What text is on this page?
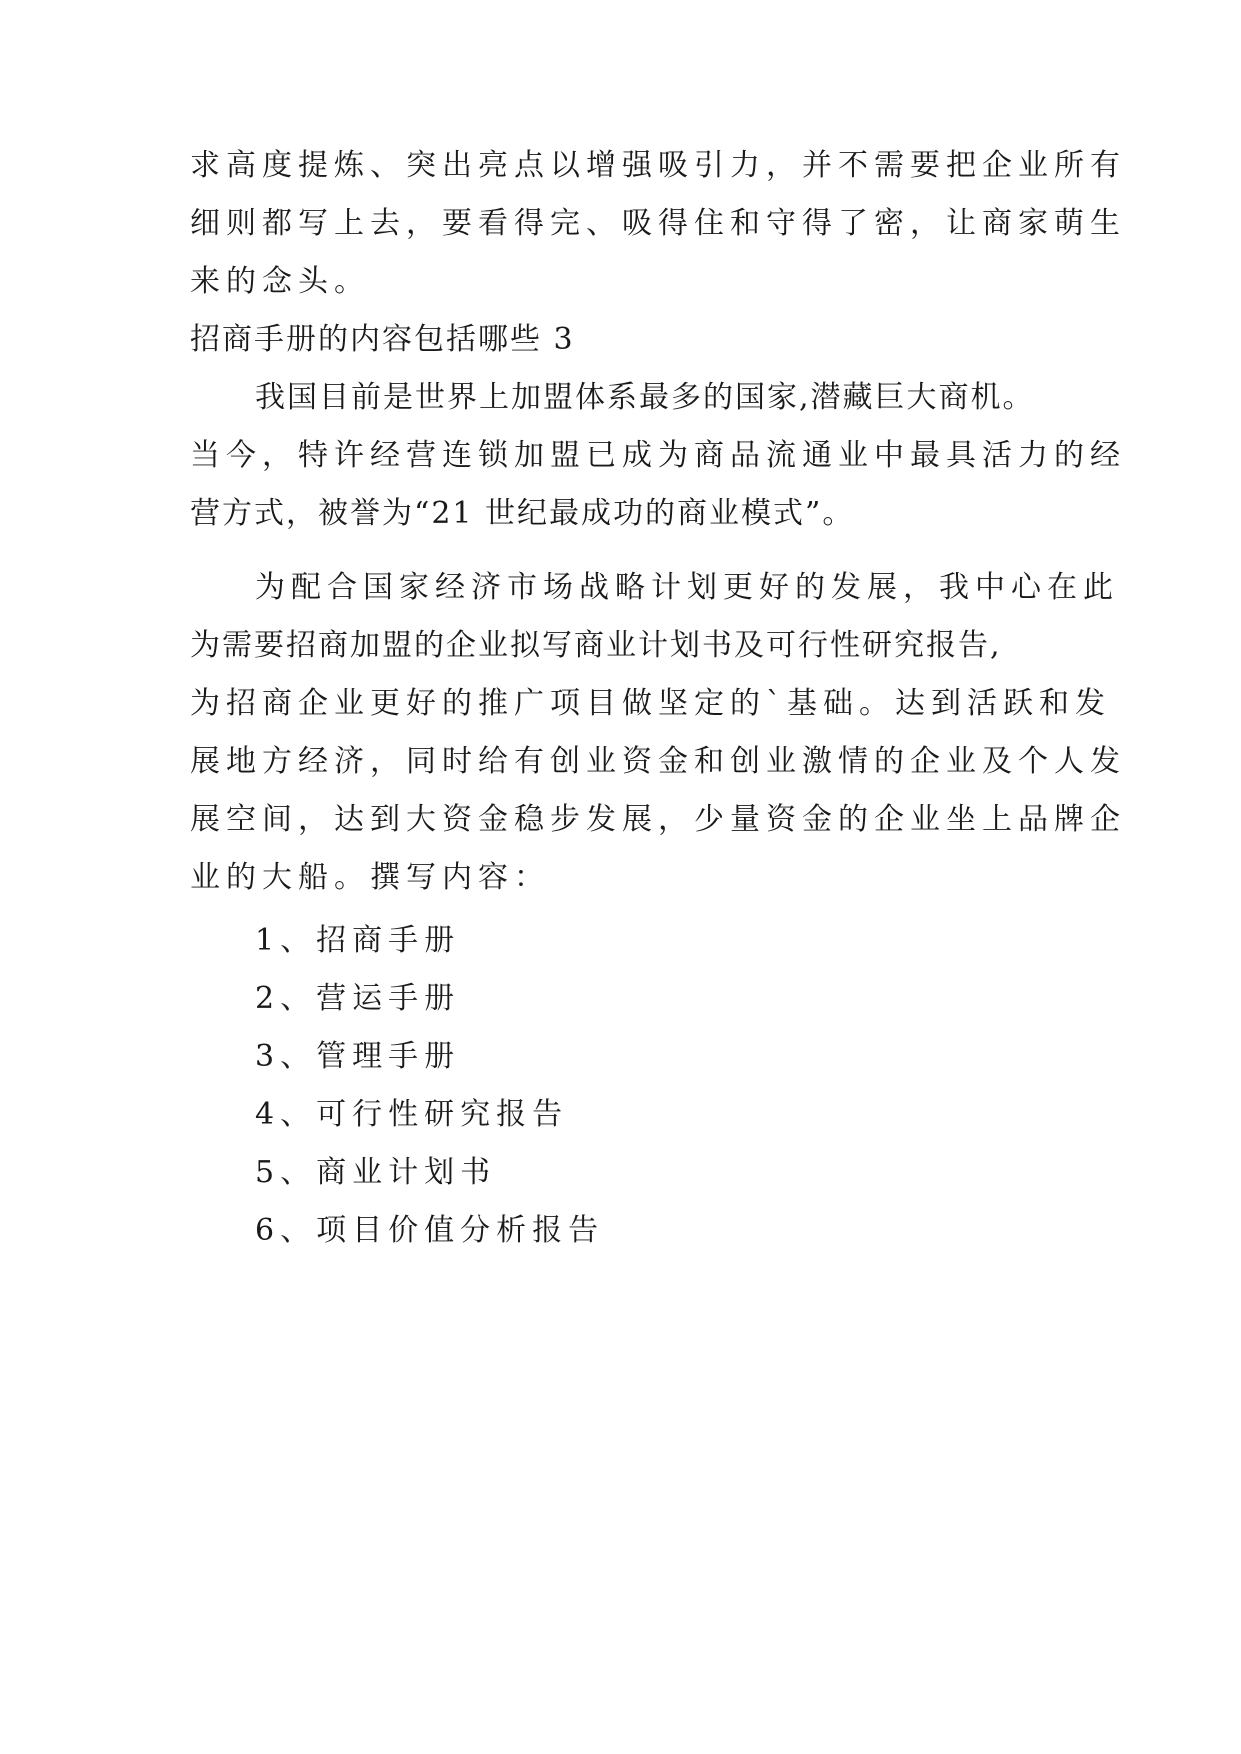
求高度提炼、突出亮点以增强吸引力，并不需要把企业所有
细则都写上去，要看得完、吸得住和守得了密，让商家萌生
来的念头。
招商手册的内容包括哪些 3
我国目前是世界上加盟体系最多的国家,潜藏巨大商机。
当今，特许经营连锁加盟已成为商品流通业中最具活力的经
营方式，被誉为“21 世纪最成功的商业模式”。
为配合国家经济市场战略计划更好的发展，我中心在此
为需要招商加盟的企业拟写商业计划书及可行性研究报告,
为招商企业更好的推广项目做坚定的`基础。达到活跃和发
展地方经济，同时给有创业资金和创业激情的企业及个人发
展空间，达到大资金稳步发展，少量资金的企业坐上品牌企
业的大船。撰写内容：
1、招商手册
2、营运手册
3、管理手册
4、可行性研究报告
5、商业计划书
6、项目价值分析报告
